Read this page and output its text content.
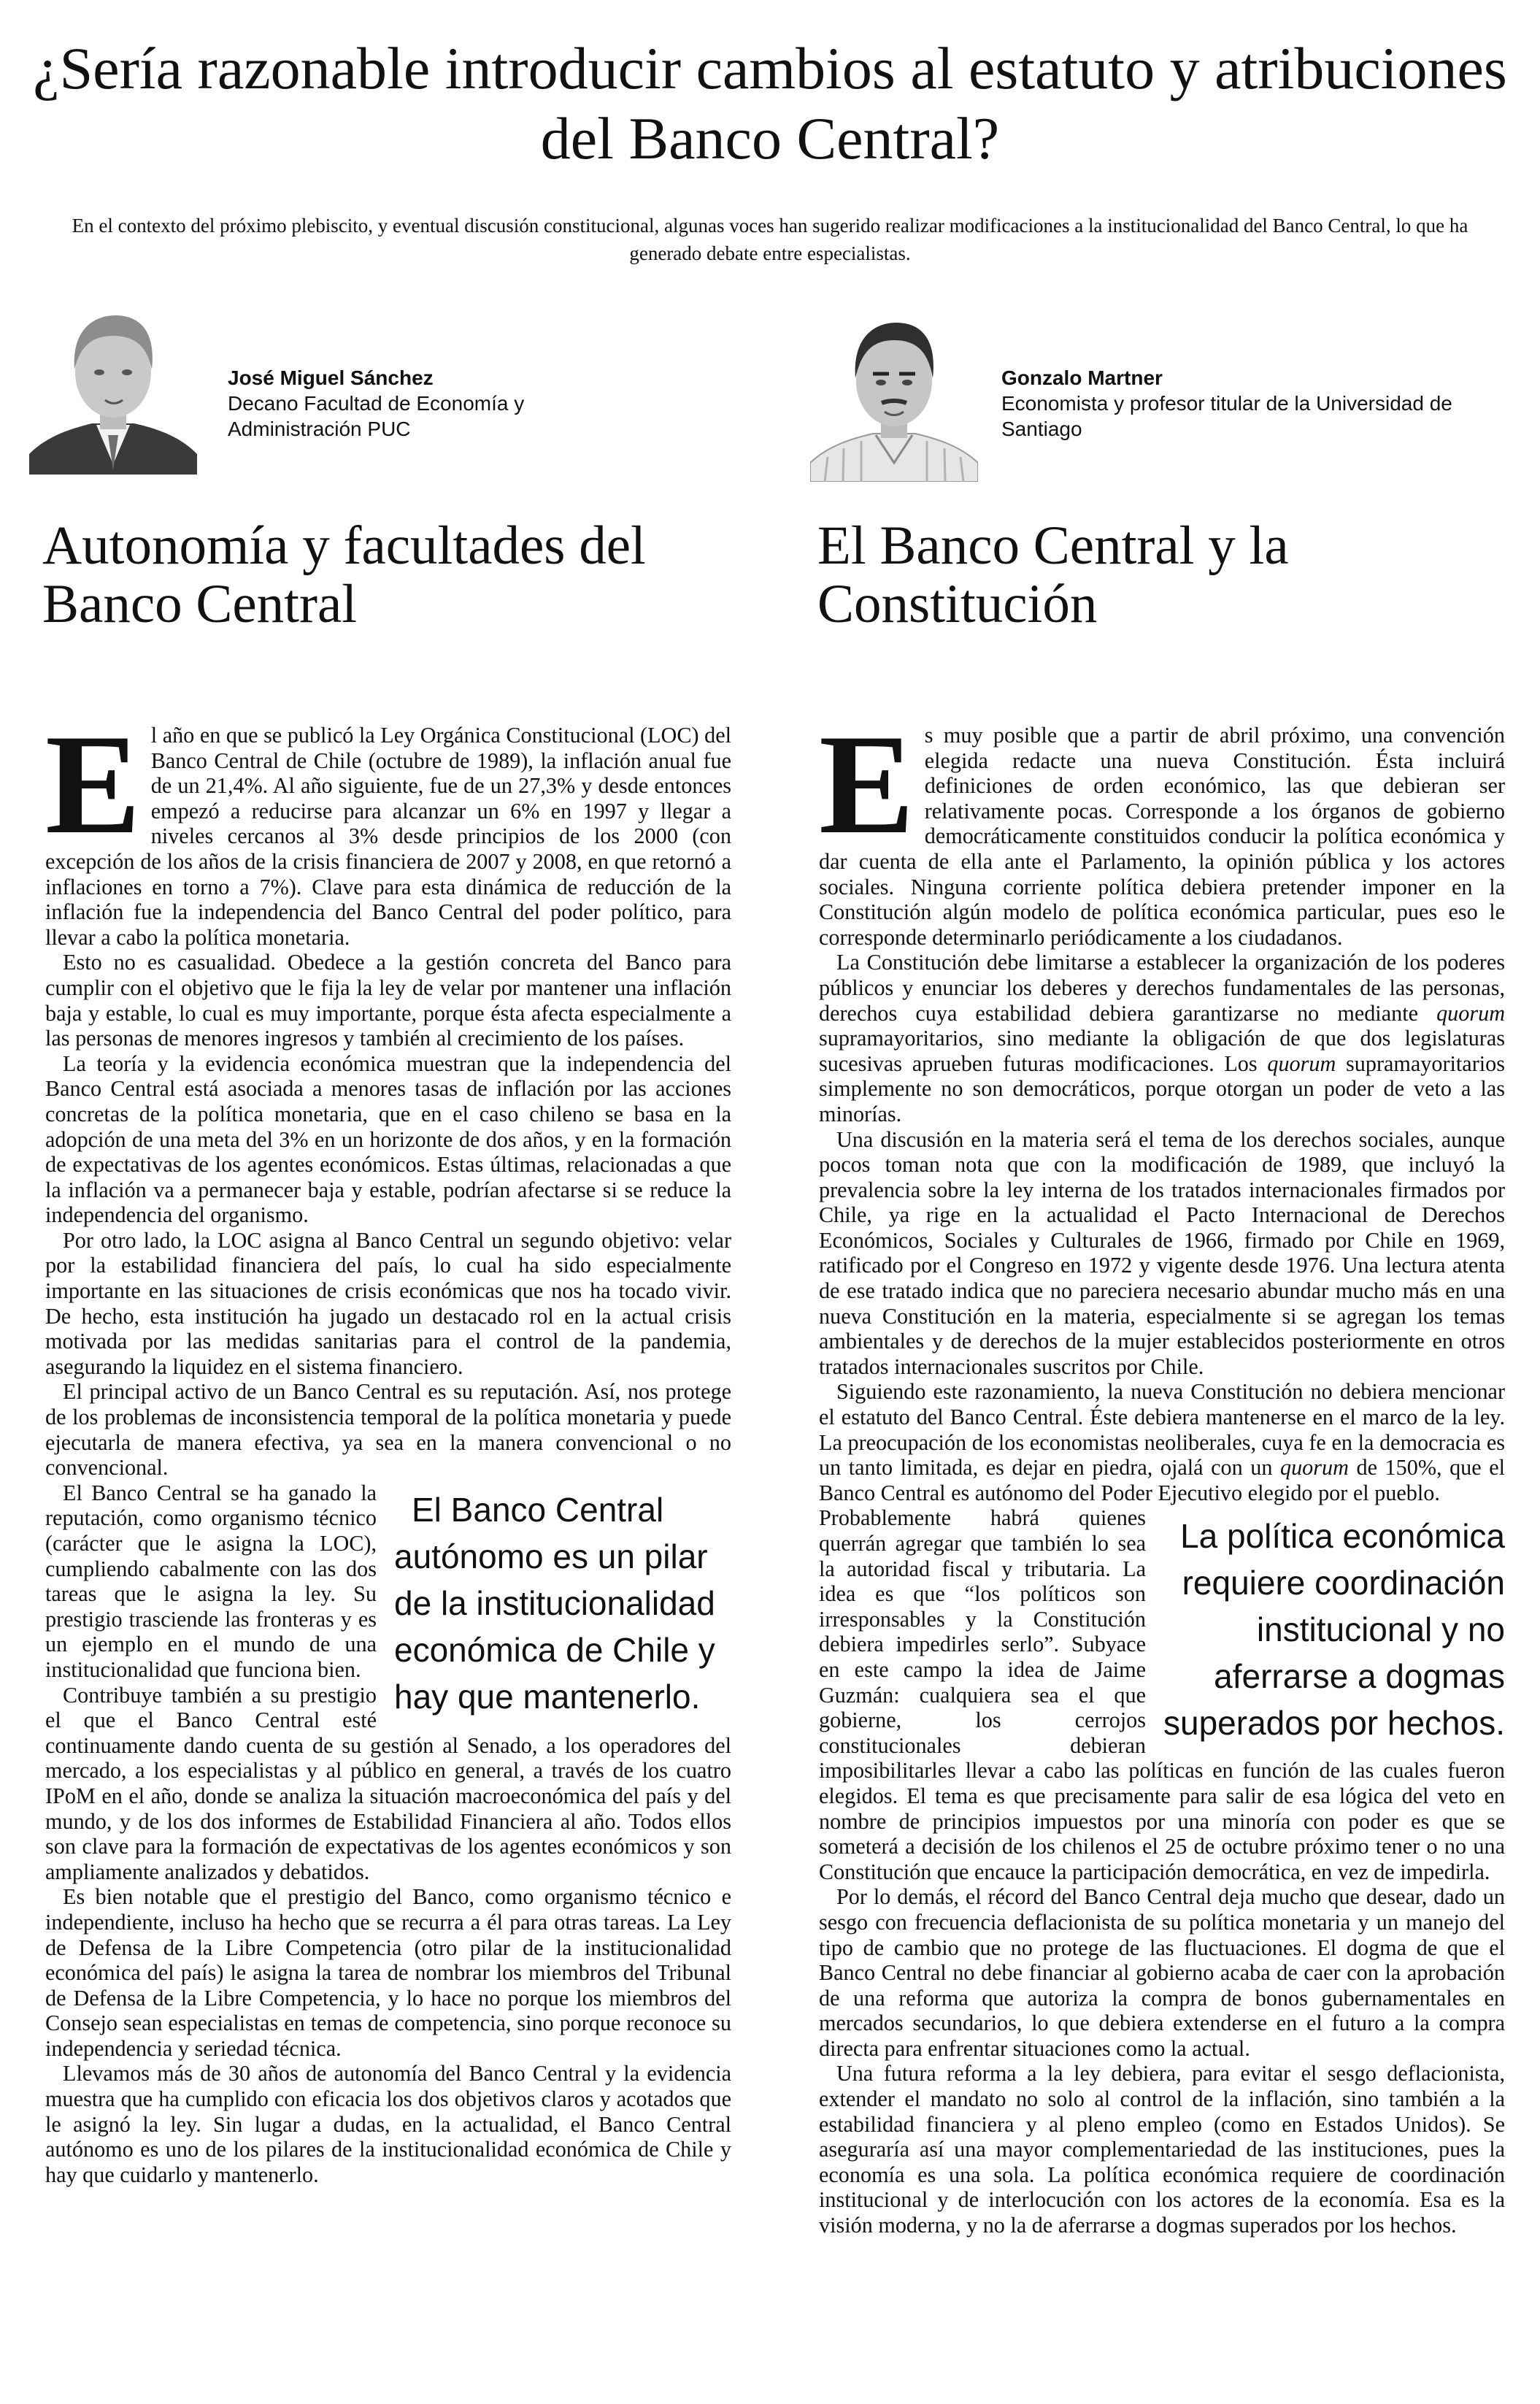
¿Sería razonable introducir cambios al estatuto y atribuciones del Banco Central?

En el contexto del próximo plebiscito, y eventual discusión constitucional, algunas voces han sugerido realizar modificaciones a la institucionalidad del Banco Central, lo que ha generado debate entre especialistas.

José Miguel Sánchez
Decano Facultad de Economía y Administración PUC
Gonzalo Martner
Economista y profesor titular de la Universidad de Santiago
Autonomía y facultades del Banco Central
El Banco Central y la Constitución

El año en que se publicó la Ley Orgánica Constitucional (LOC) del Banco Central de Chile (octubre de 1989), la inflación anual fue de un 21,4%. Al año siguiente, fue de un 27,3% y desde entonces empezó a reducirse para alcanzar un 6% en 1997 y llegar a niveles cercanos al 3% desde principios de los 2000 (con excepción de los años de la crisis financiera de 2007 y 2008, en que retornó a inflaciones en torno a 7%). Clave para esta dinámica de reducción de la inflación fue la independencia del Banco Central del poder político, para llevar a cabo la política monetaria.

Esto no es casualidad. Obedece a la gestión concreta del Banco para cumplir con el objetivo que le fija la ley de velar por mantener una inflación baja y estable, lo cual es muy importante, porque ésta afecta especialmente a las personas de menores ingresos y también al crecimiento de los países.

La teoría y la evidencia económica muestran que la independencia del Banco Central está asociada a menores tasas de inflación por las acciones concretas de la política monetaria, que en el caso chileno se basa en la adopción de una meta del 3% en un horizonte de dos años, y en la formación de expectativas de los agentes económicos. Estas últimas, relacionadas a que la inflación va a permanecer baja y estable, podrían afectarse si se reduce la independencia del organismo.

Por otro lado, la LOC asigna al Banco Central un segundo objetivo: velar por la estabilidad financiera del país, lo cual ha sido especialmente importante en las situaciones de crisis económicas que nos ha tocado vivir. De hecho, esta institución ha jugado un destacado rol en la actual crisis motivada por las medidas sanitarias para el control de la pandemia, asegurando la liquidez en el sistema financiero.

El principal activo de un Banco Central es su reputación. Así, nos protege de los problemas de inconsistencia temporal de la política monetaria y puede ejecutarla de manera efectiva, ya sea en la manera convencional o no convencional.

El Banco Central autónomo es un pilar de la institucionalidad económica de Chile y hay que mantenerlo.
El Banco Central se ha ganado la reputación, como organismo técnico (carácter que le asigna la LOC), cumpliendo cabalmente con las dos tareas que le asigna la ley. Su prestigio trasciende las fronteras y es un ejemplo en el mundo de una institucionalidad que funciona bien.

Contribuye también a su prestigio el que el Banco Central esté continuamente dando cuenta de su gestión al Senado, a los operadores del mercado, a los especialistas y al público en general, a través de los cuatro IPoM en el año, donde se analiza la situación macroeconómica del país y del mundo, y de los dos informes de Estabilidad Financiera al año. Todos ellos son clave para la formación de expectativas de los agentes económicos y son ampliamente analizados y debatidos.

Es bien notable que el prestigio del Banco, como organismo técnico e independiente, incluso ha hecho que se recurra a él para otras tareas. La Ley de Defensa de la Libre Competencia (otro pilar de la institucionalidad económica del país) le asigna la tarea de nombrar los miembros del Tribunal de Defensa de la Libre Competencia, y lo hace no porque los miembros del Consejo sean especialistas en temas de competencia, sino porque reconoce su independencia y seriedad técnica.

Llevamos más de 30 años de autonomía del Banco Central y la evidencia muestra que ha cumplido con eficacia los dos objetivos claros y acotados que le asignó la ley. Sin lugar a dudas, en la actualidad, el Banco Central autónomo es uno de los pilares de la institucionalidad económica de Chile y hay que cuidarlo y mantenerlo.

Es muy posible que a partir de abril próximo, una convención elegida redacte una nueva Constitución. Ésta incluirá definiciones de orden económico, las que debieran ser relativamente pocas. Corresponde a los órganos de gobierno democráticamente constituidos conducir la política económica y dar cuenta de ella ante el Parlamento, la opinión pública y los actores sociales. Ninguna corriente política debiera pretender imponer en la Constitución algún modelo de política económica particular, pues eso le corresponde determinarlo periódicamente a los ciudadanos.

La Constitución debe limitarse a establecer la organización de los poderes públicos y enunciar los deberes y derechos fundamentales de las personas, derechos cuya estabilidad debiera garantizarse no mediante quorum supramayoritarios, sino mediante la obligación de que dos legislaturas sucesivas aprueben futuras modificaciones. Los quorum supramayoritarios simplemente no son democráticos, porque otorgan un poder de veto a las minorías.

Una discusión en la materia será el tema de los derechos sociales, aunque pocos toman nota que con la modificación de 1989, que incluyó la prevalencia sobre la ley interna de los tratados internacionales firmados por Chile, ya rige en la actualidad el Pacto Internacional de Derechos Económicos, Sociales y Culturales de 1966, firmado por Chile en 1969, ratificado por el Congreso en 1972 y vigente desde 1976. Una lectura atenta de ese tratado indica que no pareciera necesario abundar mucho más en una nueva Constitución en la materia, especialmente si se agregan los temas ambientales y de derechos de la mujer establecidos posteriormente en otros tratados internacionales suscritos por Chile.

Siguiendo este razonamiento, la nueva Constitución no debiera mencionar el estatuto del Banco Central. Éste debiera mantenerse en el marco de la ley. La preocupación de los economistas neoliberales, cuya fe en la democracia es un tanto limitada, es dejar en piedra, ojalá con un quorum de 150%, que el Banco Central es autónomo del Poder Ejecutivo elegido por el pueblo.

La política económica requiere coordinación institucional y no aferrarse a dogmas superados por hechos.
Probablemente habrá quienes querrán agregar que también lo sea la autoridad fiscal y tributaria. La idea es que “los políticos son irresponsables y la Constitución debiera impedirles serlo”. Subyace en este campo la idea de Jaime Guzmán: cualquiera sea el que gobierne, los cerrojos constitucionales debieran imposibilitarles llevar a cabo las políticas en función de las cuales fueron elegidos. El tema es que precisamente para salir de esa lógica del veto en nombre de principios impuestos por una minoría con poder es que se someterá a decisión de los chilenos el 25 de octubre próximo tener o no una Constitución que encauce la participación democrática, en vez de impedirla.

Por lo demás, el récord del Banco Central deja mucho que desear, dado un sesgo con frecuencia deflacionista de su política monetaria y un manejo del tipo de cambio que no protege de las fluctuaciones. El dogma de que el Banco Central no debe financiar al gobierno acaba de caer con la aprobación de una reforma que autoriza la compra de bonos gubernamentales en mercados secundarios, lo que debiera extenderse en el futuro a la compra directa para enfrentar situaciones como la actual.

Una futura reforma a la ley debiera, para evitar el sesgo deflacionista, extender el mandato no solo al control de la inflación, sino también a la estabilidad financiera y al pleno empleo (como en Estados Unidos). Se aseguraría así una mayor complementariedad de las instituciones, pues la economía es una sola. La política económica requiere de coordinación institucional y de interlocución con los actores de la economía. Esa es la visión moderna, y no la de aferrarse a dogmas superados por los hechos.
